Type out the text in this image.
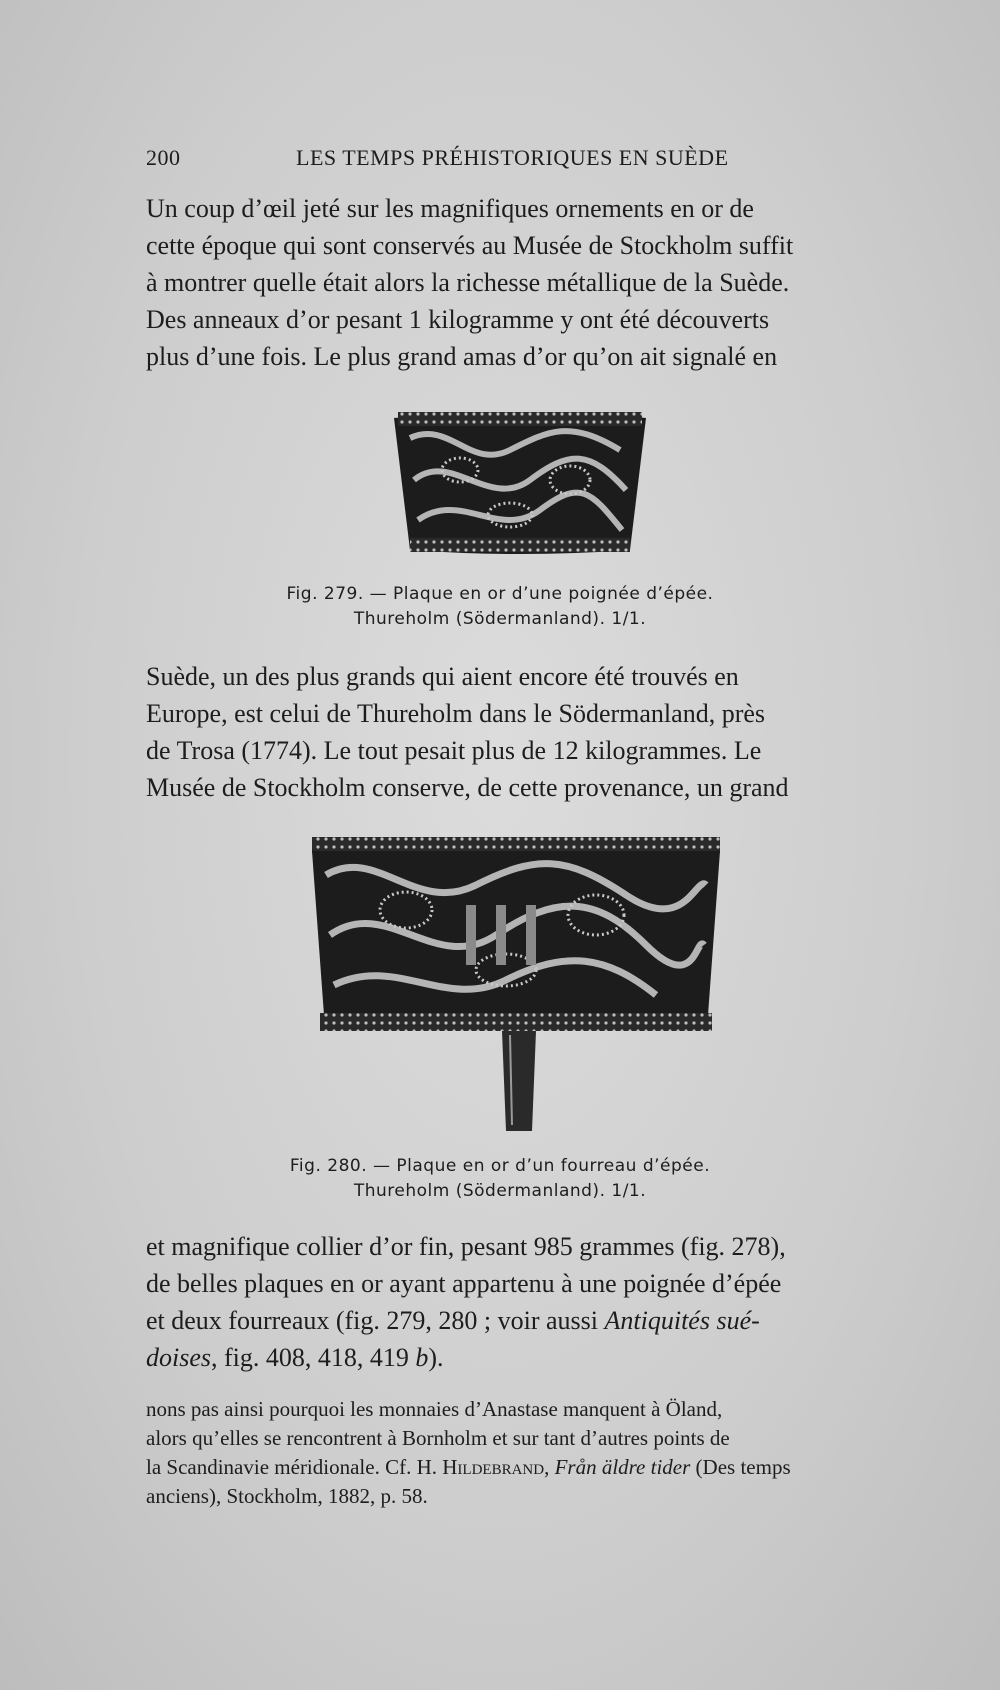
200	LES TEMPS PRÉHISTORIQUES EN SUÈDE
Un coup d’œil jeté sur les magnifiques ornements en or de
cette époque qui sont conservés au Musée de Stockholm suffit
à montrer quelle était alors la richesse métallique de la Suède.
Des anneaux d’or pesant 1 kilogramme y ont été découverts
plus d’une fois. Le plus grand amas d’or qu’on ait signalé en
Fig. 279. — Plaque en or d’une poignée d’épée.
Thureholm (Södermanland). 1/1.
Suède, un des plus grands qui aient encore été trouvés en
Europe, est celui de Thureholm dans le Södermanland, près
de Trosa (1774). Le tout pesait plus de 12 kilogrammes. Le
Musée de Stockholm conserve, de cette provenance, un grand
Fig. 280. — Plaque en or d’un fourreau d’épée.
Thureholm (Södermanland). 1/1.
et magnifique collier d’or fin, pesant 985 grammes (fig. 278),
de belles plaques en or ayant appartenu à une poignée d’épée
et deux fourreaux (fig. 279, 280 ; voir aussi Antiquités sué-
doises, fig. 408, 418, 419 b).
nons pas ainsi pourquoi les monnaies d’Anastase manquent à Öland,
alors qu’elles se rencontrent à Bornholm et sur tant d’autres points de
la Scandinavie méridionale. Cf. H. Hildebrand, Från äldre tider (Des temps
anciens), Stockholm, 1882, p. 58.
